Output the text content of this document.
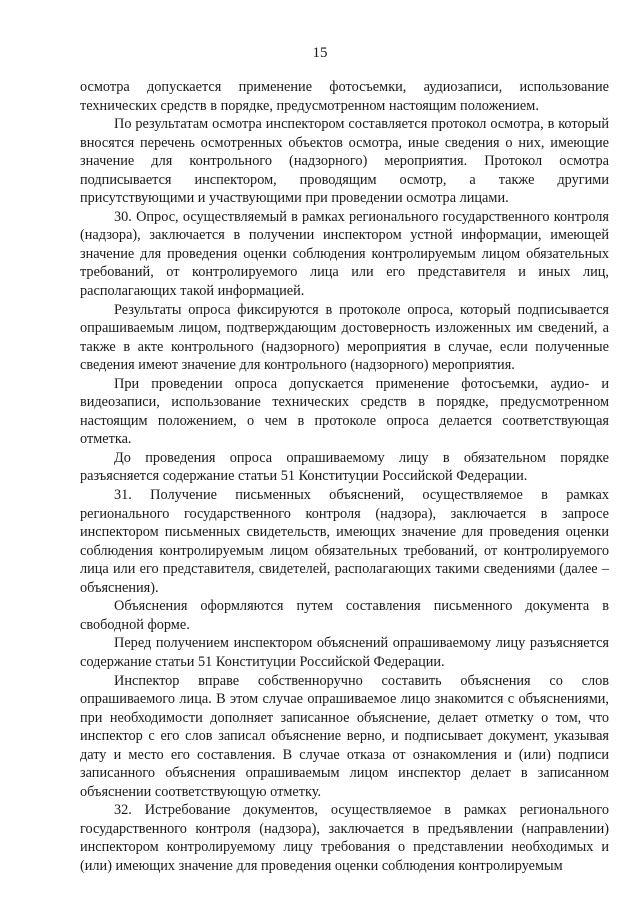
15

осмотра допускается применение фотосъемки, аудиозаписи, использование технических средств в порядке, предусмотренном настоящим положением.

По результатам осмотра инспектором составляется протокол осмотра, в который вносятся перечень осмотренных объектов осмотра, иные сведения о них, имеющие значение для контрольного (надзорного) мероприятия. Протокол осмотра подписывается инспектором, проводящим осмотр, а также другими присутствующими и участвующими при проведении осмотра лицами.

30. Опрос, осуществляемый в рамках регионального государственного контроля (надзора), заключается в получении инспектором устной информации, имеющей значение для проведения оценки соблюдения контролируемым лицом обязательных требований, от контролируемого лица или его представителя и иных лиц, располагающих такой информацией.

Результаты опроса фиксируются в протоколе опроса, который подписывается опрашиваемым лицом, подтверждающим достоверность изложенных им сведений, а также в акте контрольного (надзорного) мероприятия в случае, если полученные сведения имеют значение для контрольного (надзорного) мероприятия.

При проведении опроса допускается применение фотосъемки, аудио- и видеозаписи, использование технических средств в порядке, предусмотренном настоящим положением, о чем в протоколе опроса делается соответствующая отметка.

До проведения опроса опрашиваемому лицу в обязательном порядке разъясняется содержание статьи 51 Конституции Российской Федерации.

31. Получение письменных объяснений, осуществляемое в рамках регионального государственного контроля (надзора), заключается в запросе инспектором письменных свидетельств, имеющих значение для проведения оценки соблюдения контролируемым лицом обязательных требований, от контролируемого лица или его представителя, свидетелей, располагающих такими сведениями (далее – объяснения).

Объяснения оформляются путем составления письменного документа в свободной форме.

Перед получением инспектором объяснений опрашиваемому лицу разъясняется содержание статьи 51 Конституции Российской Федерации.

Инспектор вправе собственноручно составить объяснения со слов опрашиваемого лица. В этом случае опрашиваемое лицо знакомится с объяснениями, при необходимости дополняет записанное объяснение, делает отметку о том, что инспектор с его слов записал объяснение верно, и подписывает документ, указывая дату и место его составления. В случае отказа от ознакомления и (или) подписи записанного объяснения опрашиваемым лицом инспектор делает в записанном объяснении соответствующую отметку.

32. Истребование документов, осуществляемое в рамках регионального государственного контроля (надзора), заключается в предъявлении (направлении) инспектором контролируемому лицу требования о представлении необходимых и (или) имеющих значение для проведения оценки соблюдения контролируемым
